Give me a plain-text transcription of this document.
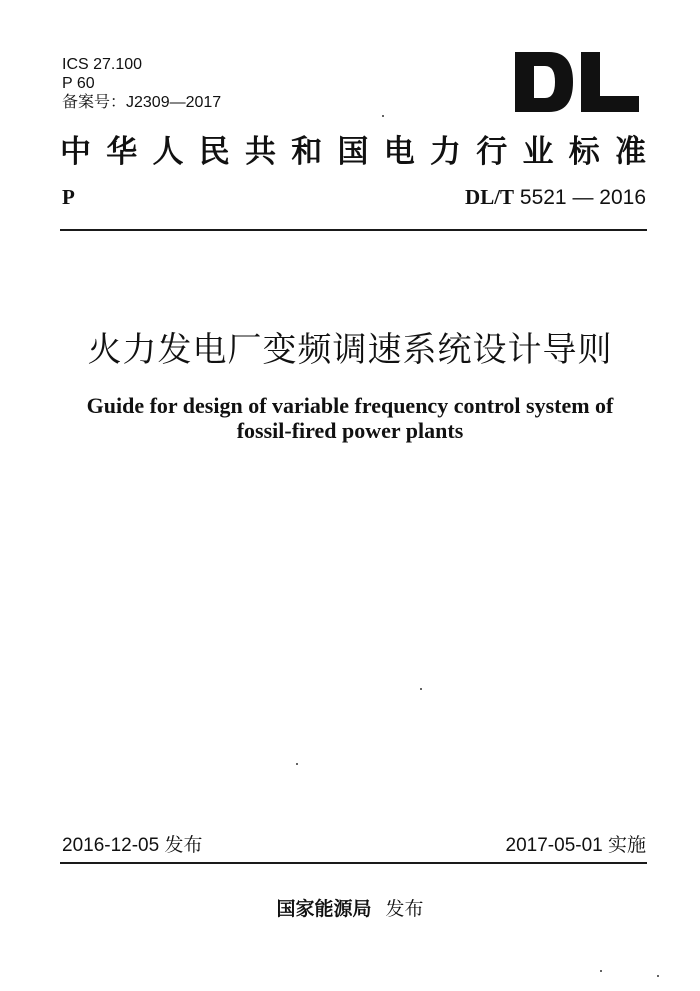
ICS 27.100
P 60
备案号：J2309—2017
中 华 人 民 共 和 国 电 力 行 业 标 准
P	DL/T 5521 — 2016
火力发电厂变频调速系统设计导则
Guide for design of variable frequency control system of
fossil-fired power plants
2016-12-05 发布	2017-05-01 实施
国家能源局 发布
